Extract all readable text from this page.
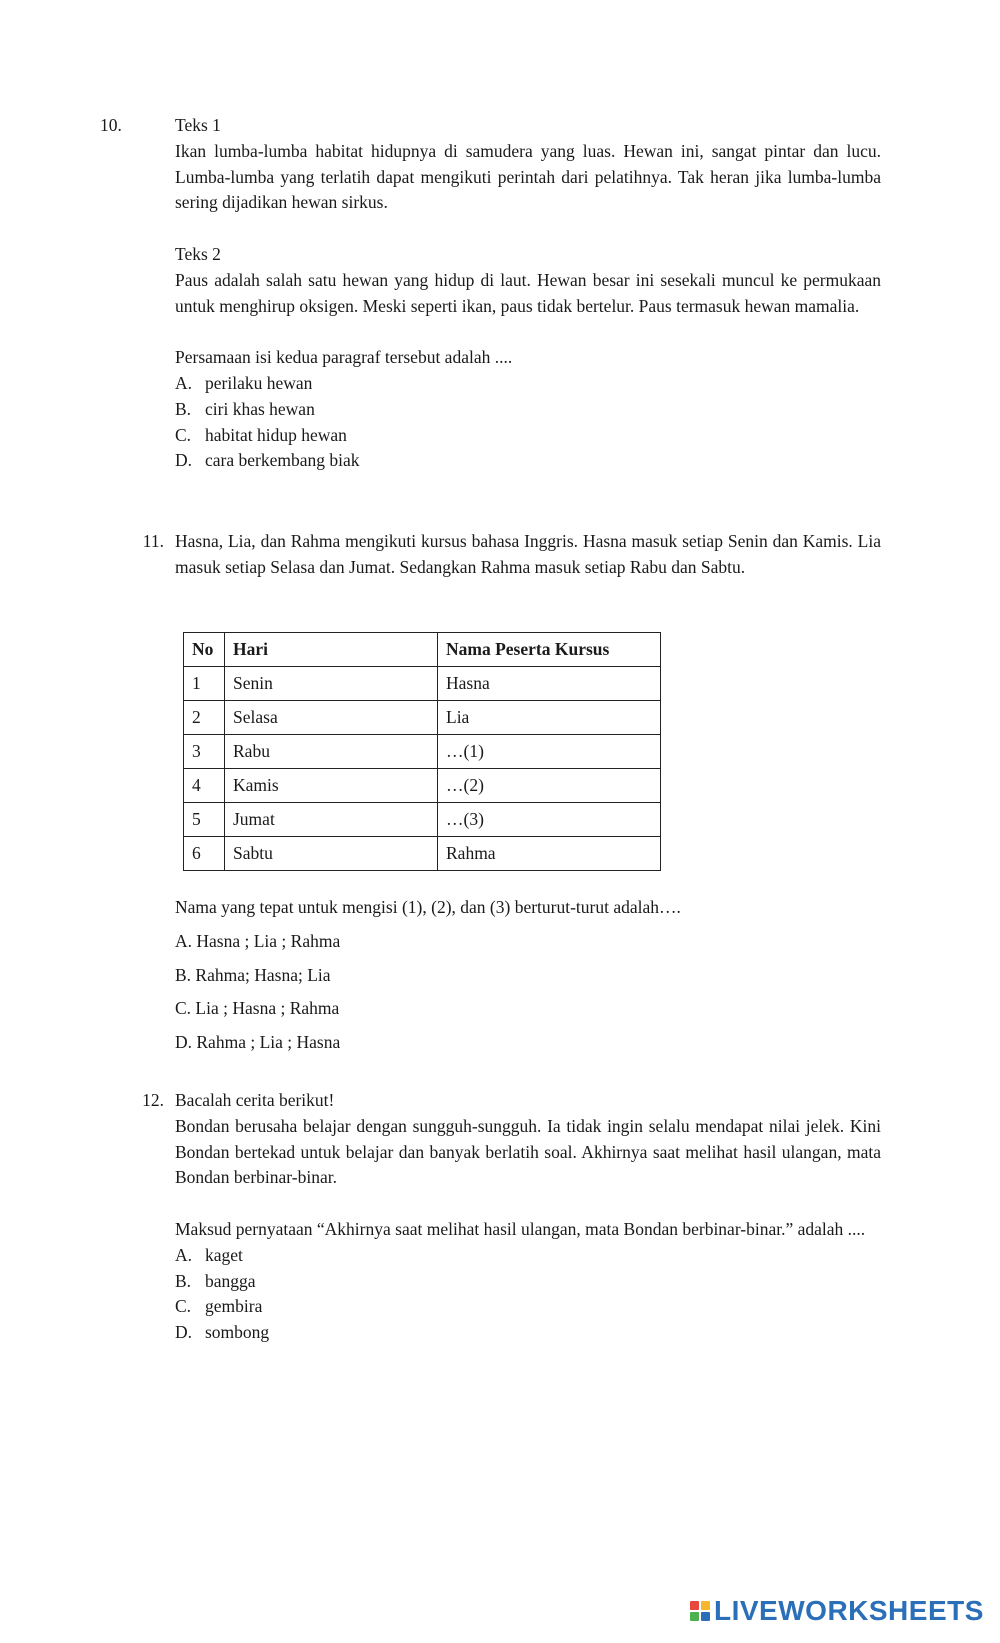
10.	Teks 1
Ikan lumba-lumba habitat hidupnya di samudera yang luas. Hewan ini, sangat pintar dan lucu. Lumba-lumba yang terlatih dapat mengikuti perintah dari pelatihnya. Tak heran jika lumba-lumba sering dijadikan hewan sirkus.
Teks 2
Paus adalah salah satu hewan yang hidup di laut. Hewan besar ini sesekali muncul ke permukaan untuk menghirup oksigen. Meski seperti ikan, paus tidak bertelur. Paus termasuk hewan mamalia.
Persamaan isi kedua paragraf tersebut adalah ....
A. perilaku hewan
B. ciri khas hewan
C. habitat hidup hewan
D. cara berkembang biak
11. Hasna, Lia, dan Rahma mengikuti kursus bahasa Inggris. Hasna masuk setiap Senin dan Kamis. Lia masuk setiap Selasa dan Jumat. Sedangkan Rahma masuk setiap Rabu dan Sabtu.
No	Hari	Nama Peserta Kursus
1	Senin	Hasna
2	Selasa	Lia
3	Rabu	…(1)
4	Kamis	…(2)
5	Jumat	…(3)
6	Sabtu	Rahma
Nama yang tepat untuk mengisi (1), (2), dan (3) berturut-turut adalah….
A. Hasna ; Lia ; Rahma
B. Rahma; Hasna; Lia
C. Lia ; Hasna ; Rahma
D. Rahma ; Lia ; Hasna
12. Bacalah cerita berikut!
Bondan berusaha belajar dengan sungguh-sungguh. Ia tidak ingin selalu mendapat nilai jelek. Kini Bondan bertekad untuk belajar dan banyak berlatih soal. Akhirnya saat melihat hasil ulangan, mata Bondan berbinar-binar.
Maksud pernyataan “Akhirnya saat melihat hasil ulangan, mata Bondan berbinar-binar.” adalah ....
A. kaget
B. bangga
C. gembira
D. sombong
LIVEWORKSHEETS
